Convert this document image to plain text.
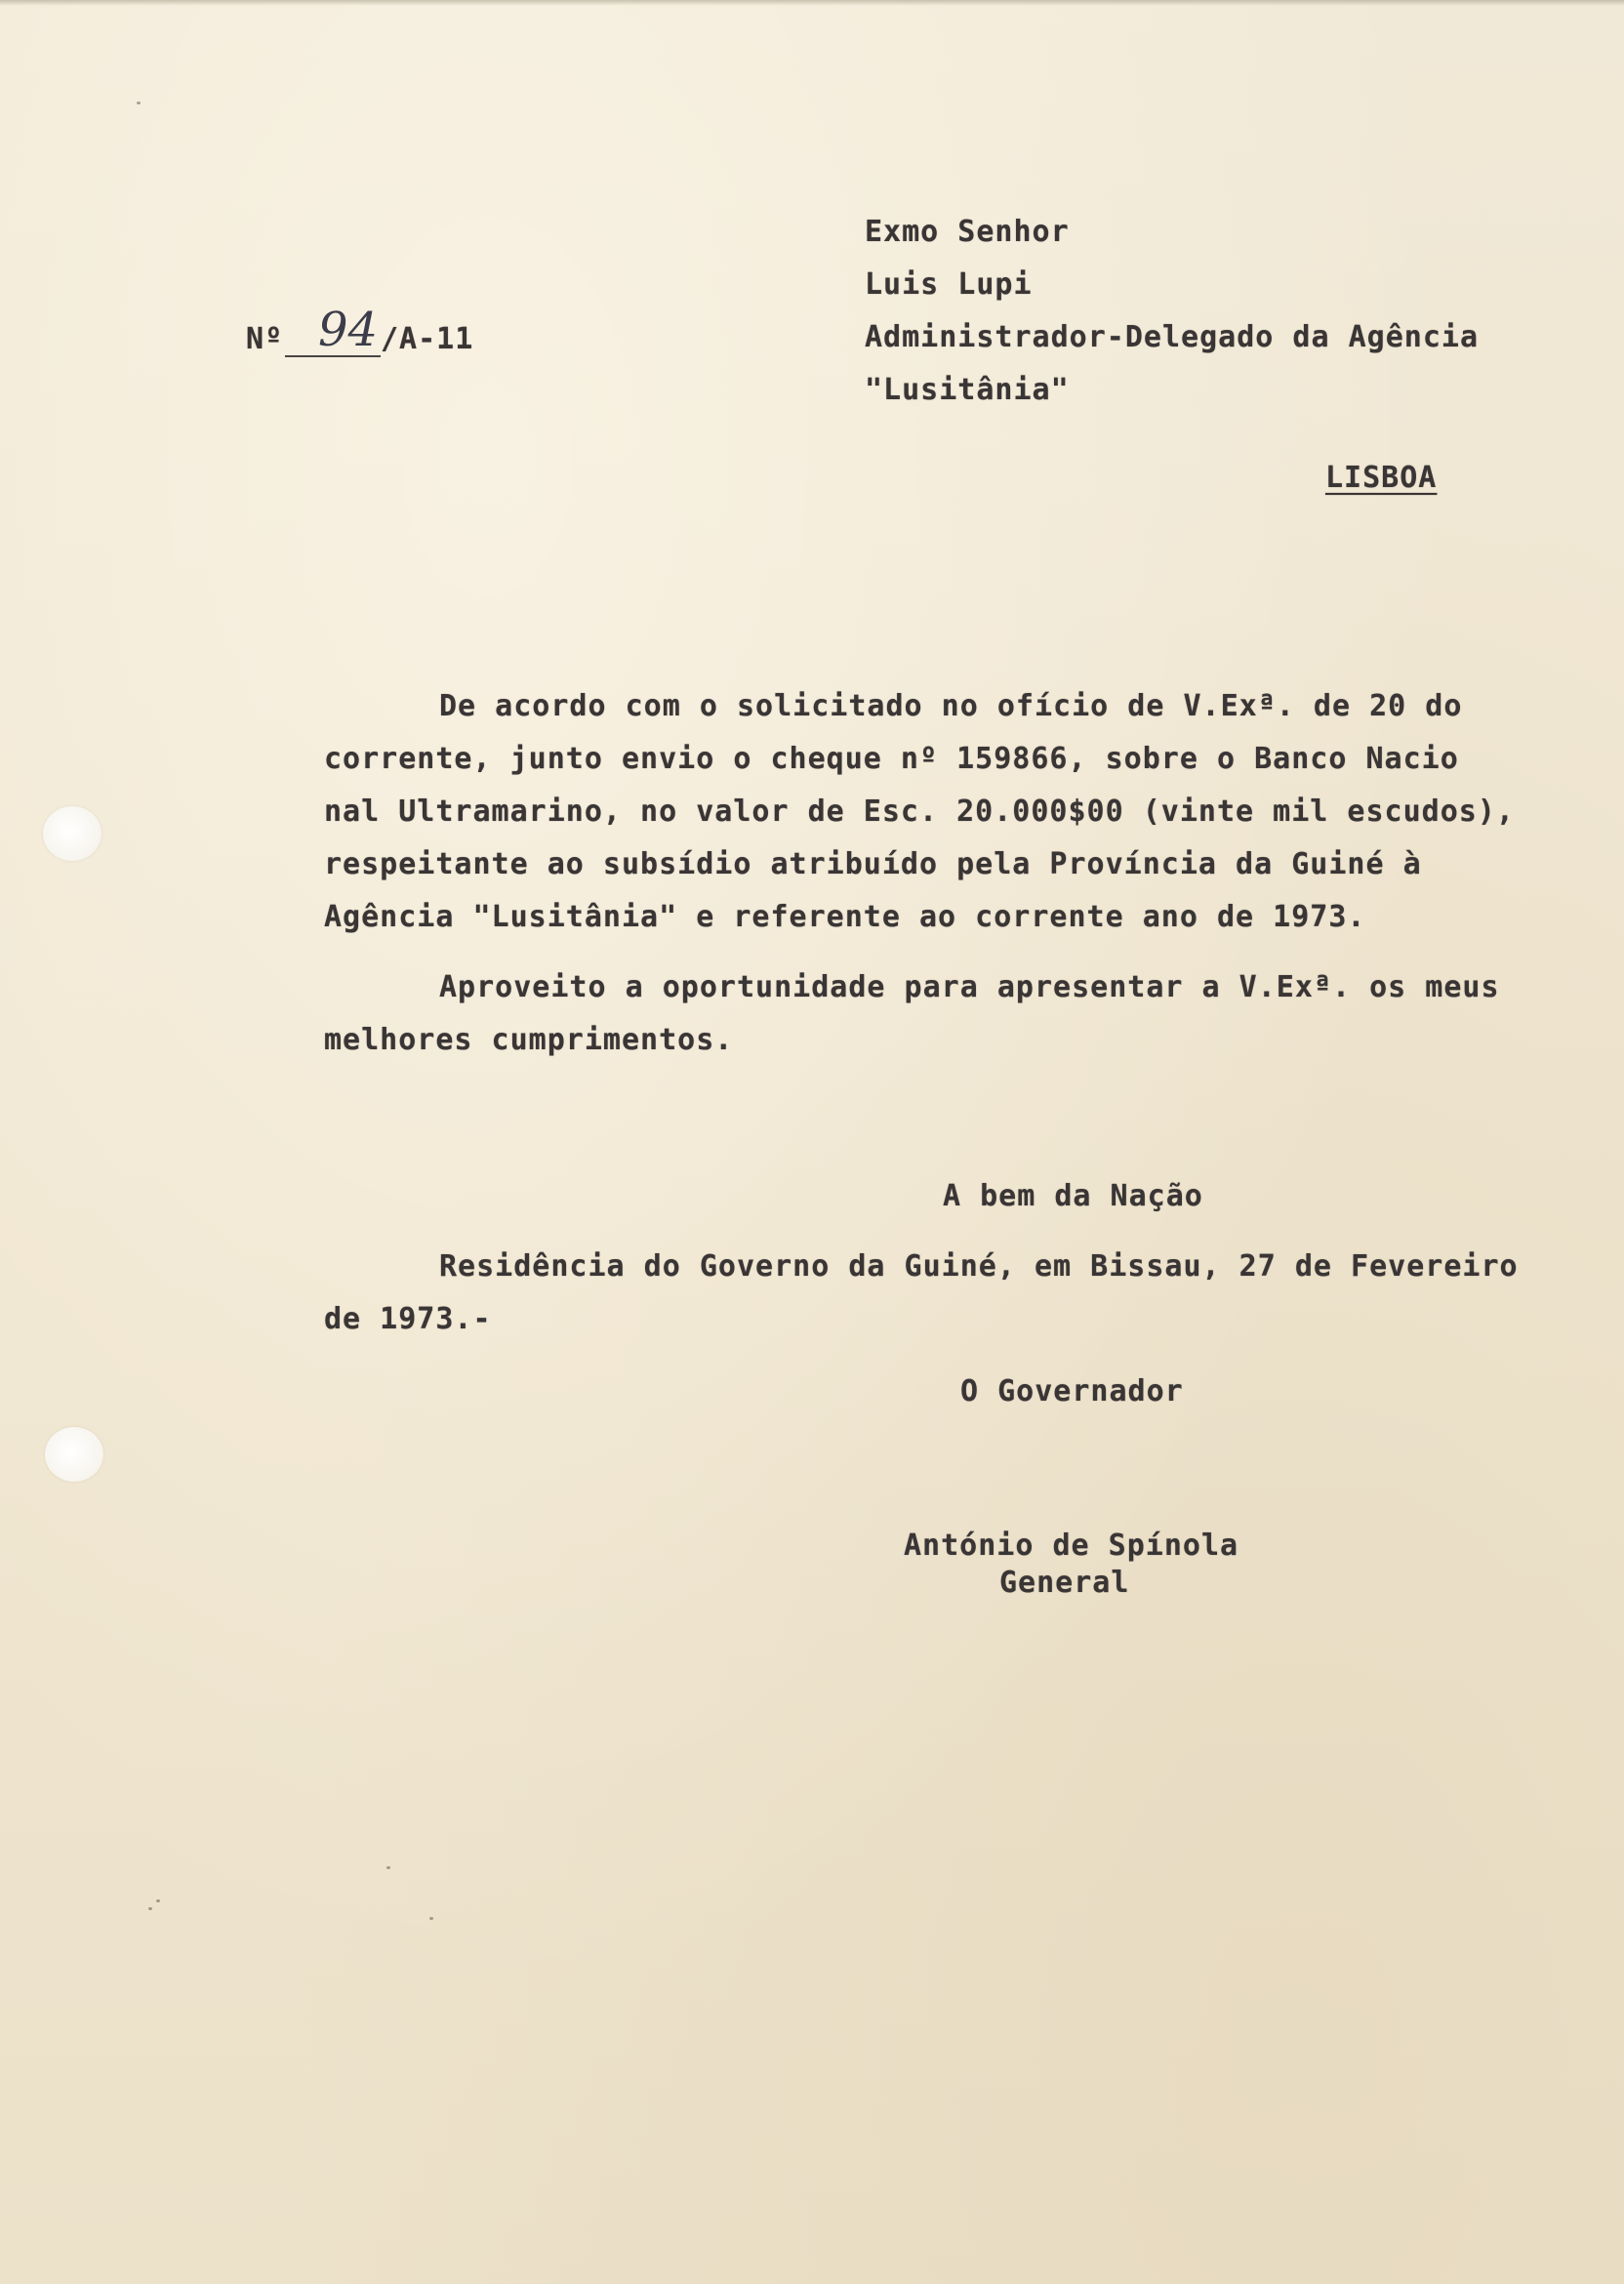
Exmo Senhor
Luis Lupi
Administrador-Delegado da Agência
"Lusitânia"
LISBOA
Nº 94 /A-11
De acordo com o solicitado no ofício de V.Exª. de 20 do
corrente, junto envio o cheque nº 159866, sobre o Banco Nacio
nal Ultramarino, no valor de Esc. 20.000$00 (vinte mil escudos),
respeitante ao subsídio atribuído pela Província da Guiné à
Agência "Lusitânia" e referente ao corrente ano de 1973.
Aproveito a oportunidade para apresentar a V.Exª. os meus
melhores cumprimentos.
A bem da Nação
Residência do Governo da Guiné, em Bissau, 27 de Fevereiro
de 1973.-
O Governador
António de Spínola
General
